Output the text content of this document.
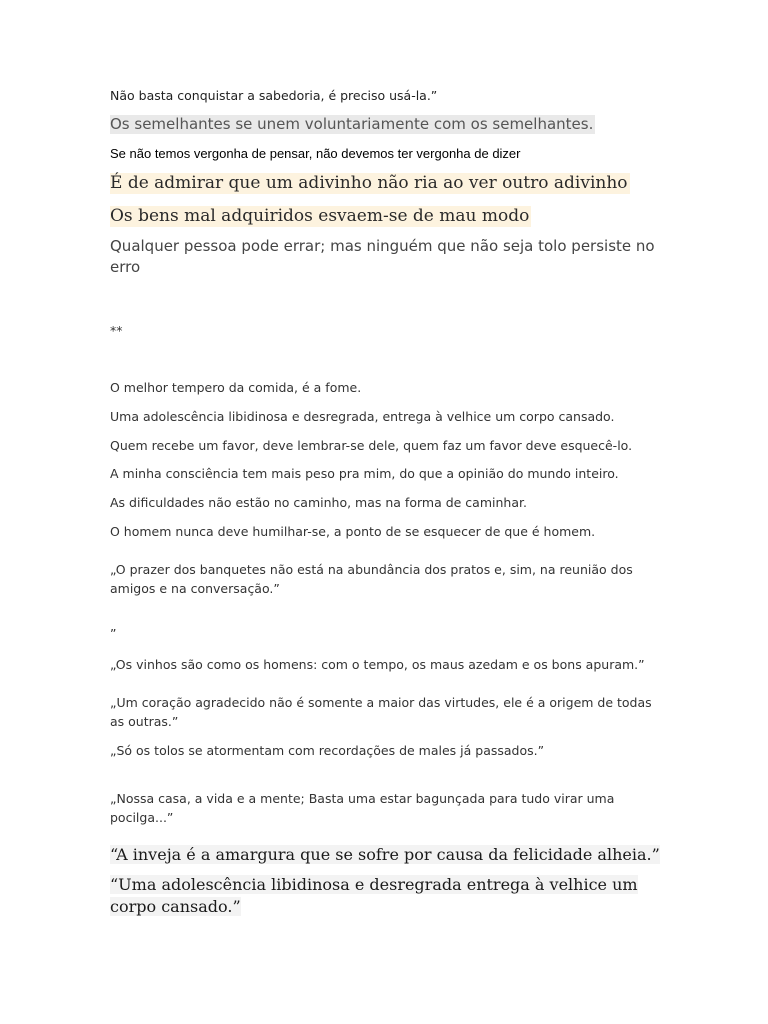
Não basta conquistar a sabedoria, é preciso usá-la.”

Os semelhantes se unem voluntariamente com os semelhantes.

Se não temos vergonha de pensar, não devemos ter vergonha de dizer

É de admirar que um adivinho não ria ao ver outro adivinho

Os bens mal adquiridos esvaem-se de mau modo

Qualquer pessoa pode errar; mas ninguém que não seja tolo persiste no erro

**

O melhor tempero da comida, é a fome.

Uma adolescência libidinosa e desregrada, entrega à velhice um corpo cansado.

Quem recebe um favor, deve lembrar-se dele, quem faz um favor deve esquecê-lo.

A minha consciência tem mais peso pra mim, do que a opinião do mundo inteiro.

As dificuldades não estão no caminho, mas na forma de caminhar.

O homem nunca deve humilhar-se, a ponto de se esquecer de que é homem.

„O prazer dos banquetes não está na abundância dos pratos e, sim, na reunião dos amigos e na conversação.”

”

„Os vinhos são como os homens: com o tempo, os maus azedam e os bons apuram.”

„Um coração agradecido não é somente a maior das virtudes, ele é a origem de todas as outras.”

„Só os tolos se atormentam com recordações de males já passados.”

„Nossa casa, a vida e a mente; Basta uma estar bagunçada para tudo virar uma pocilga...”

“A inveja é a amargura que se sofre por causa da felicidade alheia.”

“Uma adolescência libidinosa e desregrada entrega à velhice um corpo cansado.”
